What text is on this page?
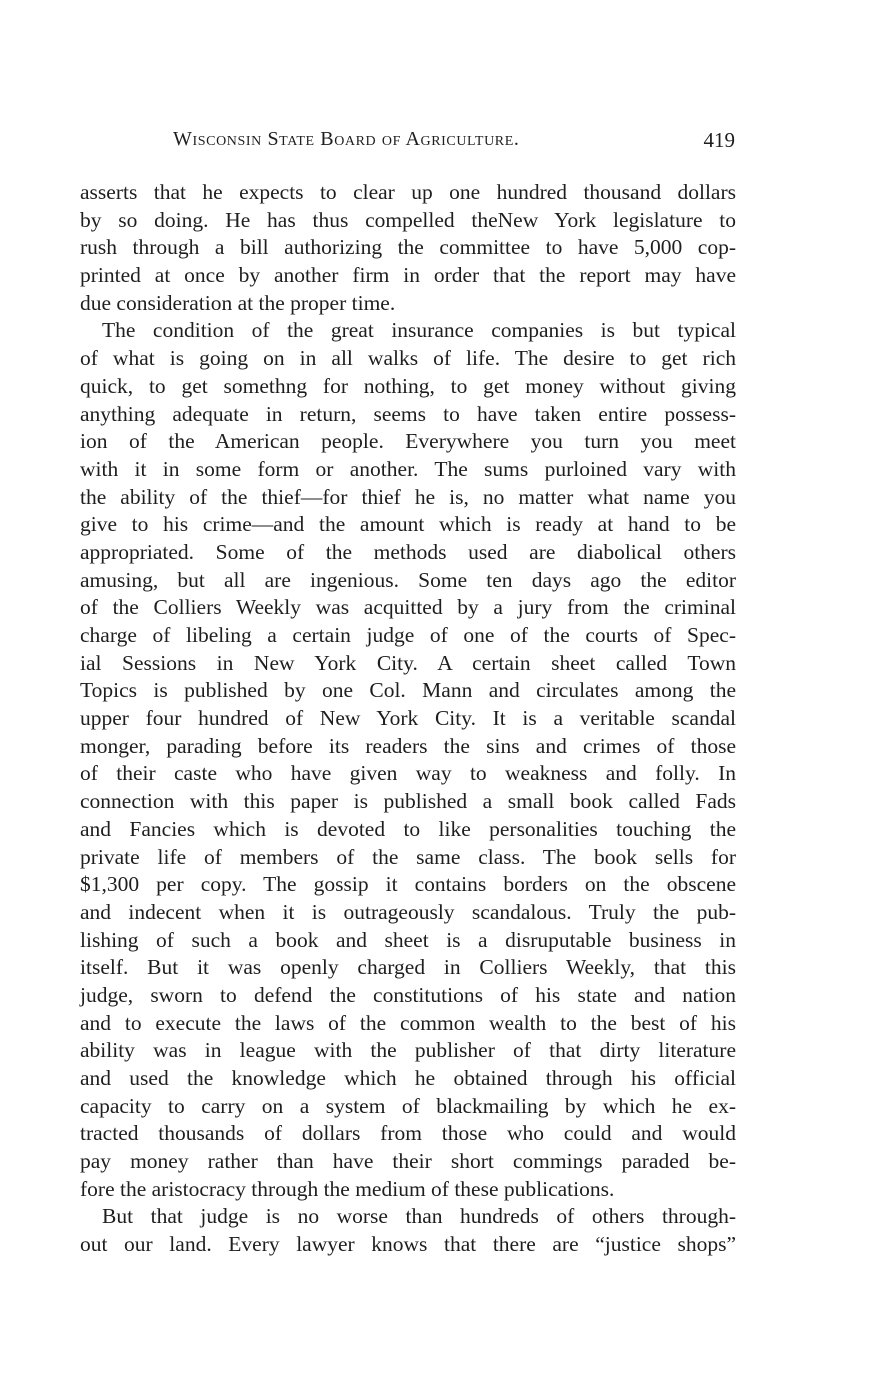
Wisconsin State Board of Agriculture.	419
asserts that he expects to clear up one hundred thousand dollars
by so doing. He has thus compelled theNew York legislature to
rush through a bill authorizing the committee to have 5,000 cop-
printed at once by another firm in order that the report may have
due consideration at the proper time.
The condition of the great insurance companies is but typical
of what is going on in all walks of life. The desire to get rich
quick, to get somethng for nothing, to get money without giving
anything adequate in return, seems to have taken entire possess-
ion of the American people. Everywhere you turn you meet
with it in some form or another. The sums purloined vary with
the ability of the thief—for thief he is, no matter what name you
give to his crime—and the amount which is ready at hand to be
appropriated. Some of the methods used are diabolical others
amusing, but all are ingenious. Some ten days ago the editor
of the Colliers Weekly was acquitted by a jury from the criminal
charge of libeling a certain judge of one of the courts of Spec-
ial Sessions in New York City. A certain sheet called Town
Topics is published by one Col. Mann and circulates among the
upper four hundred of New York City. It is a veritable scandal
monger, parading before its readers the sins and crimes of those
of their caste who have given way to weakness and folly. In
connection with this paper is published a small book called Fads
and Fancies which is devoted to like personalities touching the
private life of members of the same class. The book sells for
$1,300 per copy. The gossip it contains borders on the obscene
and indecent when it is outrageously scandalous. Truly the pub-
lishing of such a book and sheet is a disruputable business in
itself. But it was openly charged in Colliers Weekly, that this
judge, sworn to defend the constitutions of his state and nation
and to execute the laws of the common wealth to the best of his
ability was in league with the publisher of that dirty literature
and used the knowledge which he obtained through his official
capacity to carry on a system of blackmailing by which he ex-
tracted thousands of dollars from those who could and would
pay money rather than have their short commings paraded be-
fore the aristocracy through the medium of these publications.
But that judge is no worse than hundreds of others through-
out our land. Every lawyer knows that there are “justice shops”
